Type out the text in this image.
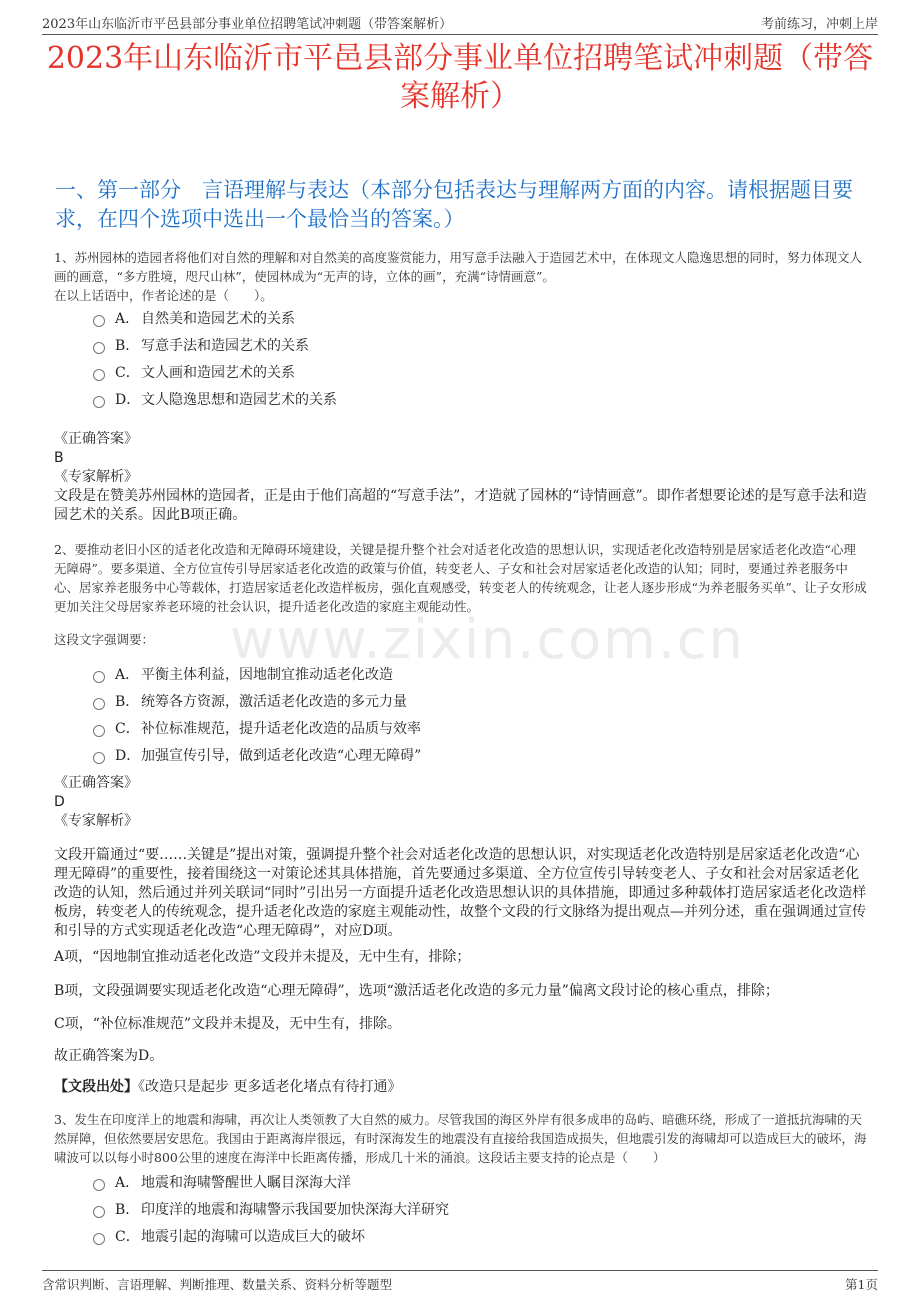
2023年山东临沂市平邑县部分事业单位招聘笔试冲刺题（带答案解析）	考前练习，冲刺上岸
2023年山东临沂市平邑县部分事业单位招聘笔试冲刺题（带答案解析）
一、第一部分　言语理解与表达（本部分包括表达与理解两方面的内容。请根据题目要求，在四个选项中选出一个最恰当的答案。）
www.zixin.com.cn

1、苏州园林的造园者将他们对自然的理解和对自然美的高度鉴赏能力，用写意手法融入于造园艺术中，在体现文人隐逸思想的同时，努力体现文人画的画意，“多方胜境，咫尺山林”，使园林成为“无声的诗，立体的画”，充满“诗情画意”。

在以上话语中，作者论述的是（　　）。

A． 自然美和造园艺术的关系
B． 写意手法和造园艺术的关系
C． 文人画和造园艺术的关系
D． 文人隐逸思想和造园艺术的关系

《正确答案》

B

《专家解析》

文段是在赞美苏州园林的造园者，正是由于他们高超的“写意手法”，才造就了园林的“诗情画意”。即作者想要论述的是写意手法和造园艺术的关系。因此B项正确。

2、要推动老旧小区的适老化改造和无障碍环境建设，关键是提升整个社会对适老化改造的思想认识，实现适老化改造特别是居家适老化改造“心理无障碍”。要多渠道、全方位宣传引导居家适老化改造的政策与价值，转变老人、子女和社会对居家适老化改造的认知；同时，要通过养老服务中心、居家养老服务中心等载体，打造居家适老化改造样板房，强化直观感受，转变老人的传统观念，让老人逐步形成“为养老服务买单”、让子女形成更加关注父母居家养老环境的社会认识，提升适老化改造的家庭主观能动性。

这段文字强调要：
A． 平衡主体利益，因地制宜推动适老化改造
B． 统筹各方资源，激活适老化改造的多元力量
C． 补位标准规范，提升适老化改造的品质与效率
D． 加强宣传引导，做到适老化改造“心理无障碍”

《正确答案》

D

《专家解析》

文段开篇通过“要……关键是”提出对策，强调提升整个社会对适老化改造的思想认识，对实现适老化改造特别是居家适老化改造“心理无障碍”的重要性，接着围绕这一对策论述其具体措施，首先要通过多渠道、全方位宣传引导转变老人、子女和社会对居家适老化改造的认知，然后通过并列关联词“同时”引出另一方面提升适老化改造思想认识的具体措施，即通过多种载体打造居家适老化改造样板房，转变老人的传统观念，提升适老化改造的家庭主观能动性，故整个文段的行文脉络为提出观点—并列分述，重在强调通过宣传和引导的方式实现适老化改造“心理无障碍”，对应D项。
A项，“因地制宜推动适老化改造”文段并未提及，无中生有，排除；
B项，文段强调要实现适老化改造“心理无障碍”，选项“激活适老化改造的多元力量”偏离文段讨论的核心重点，排除；
C项，“补位标准规范”文段并未提及，无中生有，排除。
故正确答案为D。
【文段出处】《改造只是起步 更多适老化堵点有待打通》
3、发生在印度洋上的地震和海啸，再次让人类领教了大自然的威力。尽管我国的海区外岸有很多成串的岛屿、暗礁环绕，形成了一道抵抗海啸的天然屏障，但依然要居安思危。我国由于距离海岸很远，有时深海发生的地震没有直接给我国造成损失，但地震引发的海啸却可以造成巨大的破坏，海啸波可以以每小时800公里的速度在海洋中长距离传播，形成几十米的涌浪。这段话主要支持的论点是（　　）
A． 地震和海啸警醒世人瞩目深海大洋
B． 印度洋的地震和海啸警示我国要加快深海大洋研究
C． 地震引起的海啸可以造成巨大的破坏
含常识判断、言语理解、判断推理、数量关系、资料分析等题型	第1页
